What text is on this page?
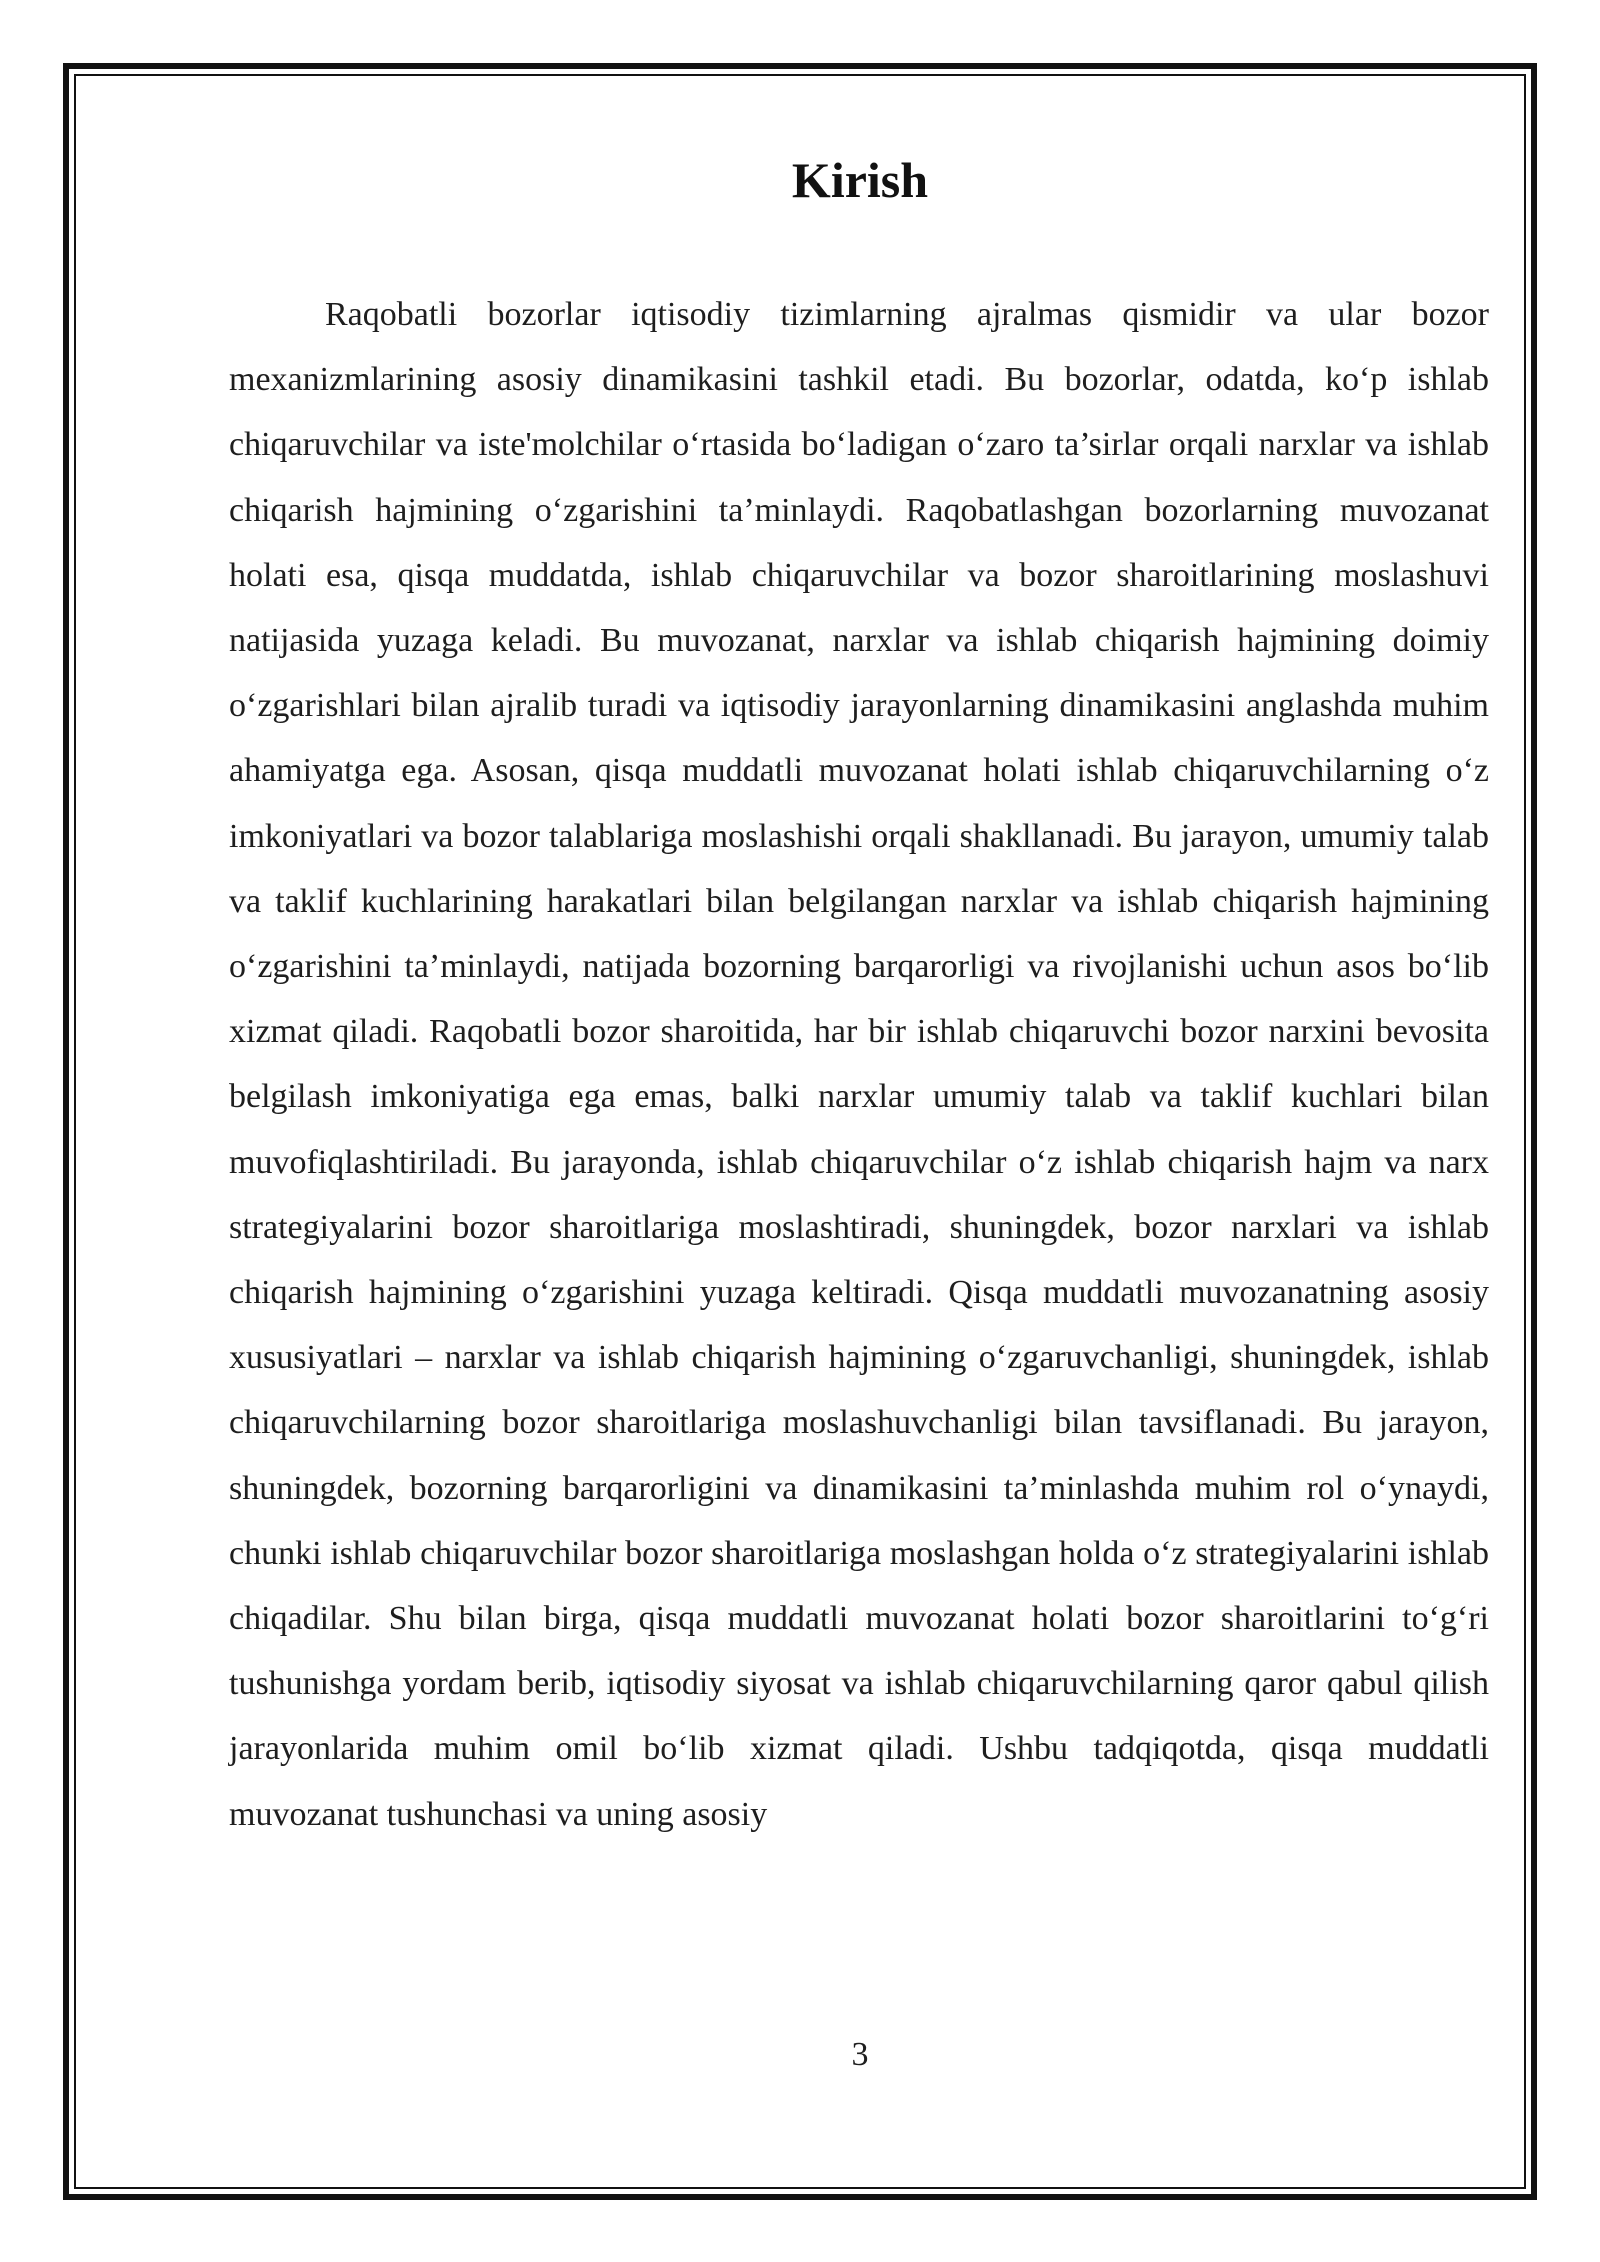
Kirish

Raqobatli bozorlar iqtisodiy tizimlarning ajralmas qismidir va ular bozor mexanizmlarining asosiy dinamikasini tashkil etadi. Bu bozorlar, odatda, ko‘p ishlab chiqaruvchilar va iste'molchilar o‘rtasida bo‘ladigan o‘zaro ta’sirlar orqali narxlar va ishlab chiqarish hajmining o‘zgarishini ta’minlaydi. Raqobatlashgan bozorlarning muvozanat holati esa, qisqa muddatda, ishlab chiqaruvchilar va bozor sharoitlarining moslashuvi natijasida yuzaga keladi. Bu muvozanat, narxlar va ishlab chiqarish hajmining doimiy o‘zgarishlari bilan ajralib turadi va iqtisodiy jarayonlarning dinamikasini anglashda muhim ahamiyatga ega. Asosan, qisqa muddatli muvozanat holati ishlab chiqaruvchilarning o‘z imkoniyatlari va bozor talablariga moslashishi orqali shakllanadi. Bu jarayon, umumiy talab va taklif kuchlarining harakatlari bilan belgilangan narxlar va ishlab chiqarish hajmining o‘zgarishini ta’minlaydi, natijada bozorning barqarorligi va rivojlanishi uchun asos bo‘lib xizmat qiladi. Raqobatli bozor sharoitida, har bir ishlab chiqaruvchi bozor narxini bevosita belgilash imkoniyatiga ega emas, balki narxlar umumiy talab va taklif kuchlari bilan muvofiqlashtiriladi. Bu jarayonda, ishlab chiqaruvchilar o‘z ishlab chiqarish hajm va narx strategiyalarini bozor sharoitlariga moslashtiradi, shuningdek, bozor narxlari va ishlab chiqarish hajmining o‘zgarishini yuzaga keltiradi. Qisqa muddatli muvozanatning asosiy xususiyatlari – narxlar va ishlab chiqarish hajmining o‘zgaruvchanligi, shuningdek, ishlab chiqaruvchilarning bozor sharoitlariga moslashuvchanligi bilan tavsiflanadi. Bu jarayon, shuningdek, bozorning barqarorligini va dinamikasini ta’minlashda muhim rol o‘ynaydi, chunki ishlab chiqaruvchilar bozor sharoitlariga moslashgan holda o‘z strategiyalarini ishlab chiqadilar. Shu bilan birga, qisqa muddatli muvozanat holati bozor sharoitlarini to‘g‘ri tushunishga yordam berib, iqtisodiy siyosat va ishlab chiqaruvchilarning qaror qabul qilish jarayonlarida muhim omil bo‘lib xizmat qiladi. Ushbu tadqiqotda, qisqa muddatli muvozanat tushunchasi va uning asosiy

3
